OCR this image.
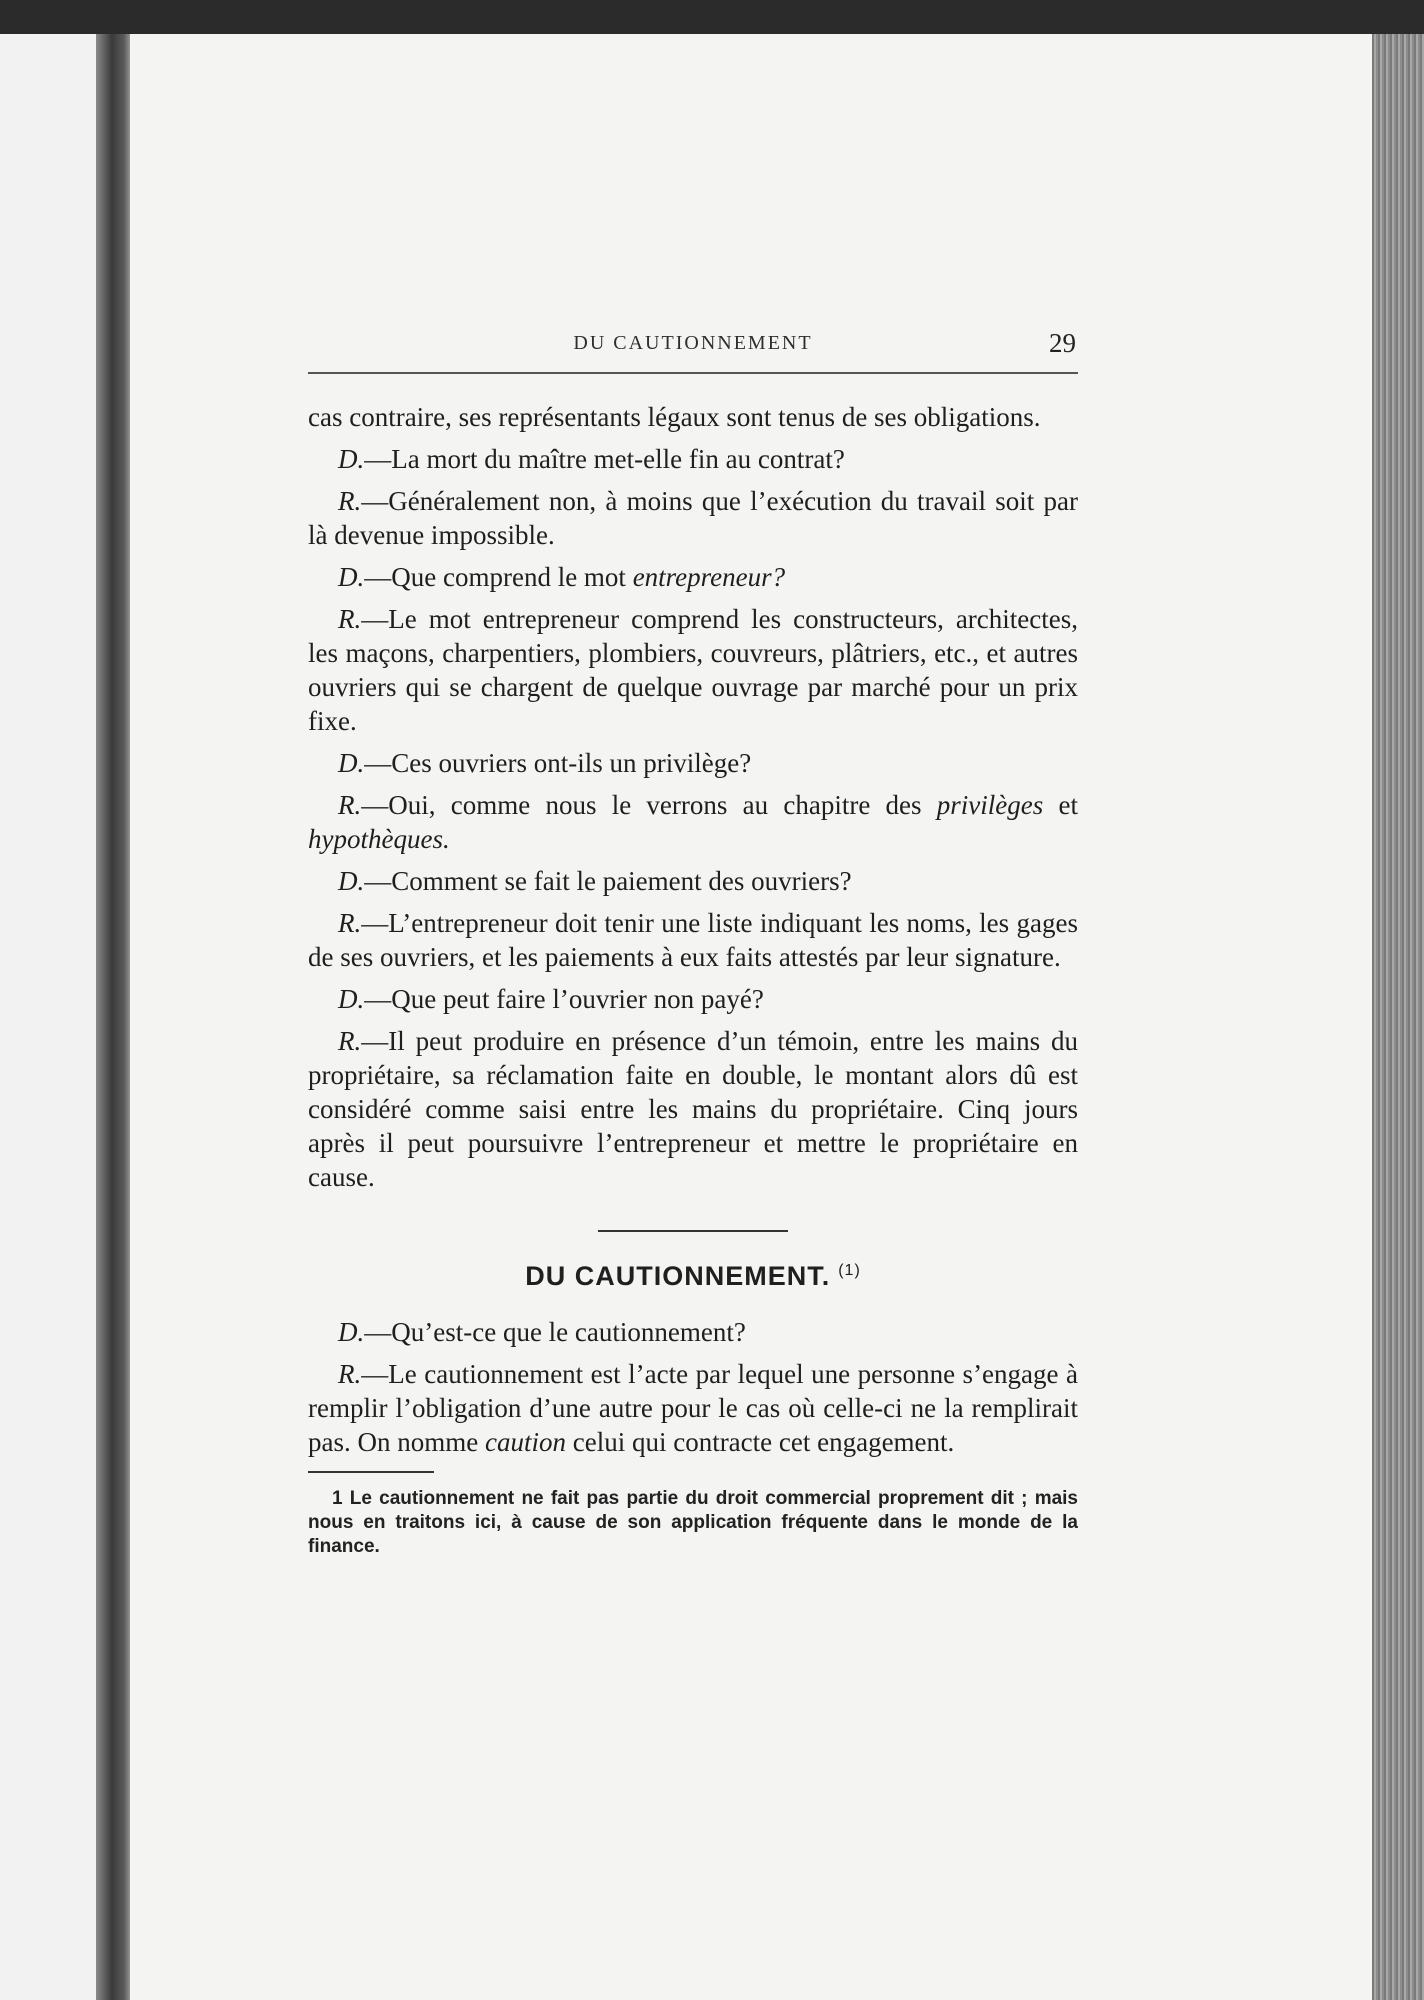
DU CAUTIONNEMENT	29

cas contraire, ses représentants légaux sont tenus de ses obligations.

D.—La mort du maître met-elle fin au contrat?

R.—Généralement non, à moins que l’exécution du travail soit par là devenue impossible.

D.—Que comprend le mot entrepreneur?

R.—Le mot entrepreneur comprend les constructeurs, architectes, les maçons, charpentiers, plombiers, couvreurs, plâtriers, etc., et autres ouvriers qui se chargent de quelque ouvrage par marché pour un prix fixe.

D.—Ces ouvriers ont-ils un privilège?

R.—Oui, comme nous le verrons au chapitre des privilèges et hypothèques.

D.—Comment se fait le paiement des ouvriers?

R.—L’entrepreneur doit tenir une liste indiquant les noms, les gages de ses ouvriers, et les paiements à eux faits attestés par leur signature.

D.—Que peut faire l’ouvrier non payé?

R.—Il peut produire en présence d’un témoin, entre les mains du propriétaire, sa réclamation faite en double, le montant alors dû est considéré comme saisi entre les mains du propriétaire. Cinq jours après il peut poursuivre l’entrepreneur et mettre le propriétaire en cause.

DU CAUTIONNEMENT. $^{(1)}$

D.—Qu’est-ce que le cautionnement?

R.—Le cautionnement est l’acte par lequel une personne s’engage à remplir l’obligation d’une autre pour le cas où celle-ci ne la remplirait pas. On nomme caution celui qui contracte cet engagement.

1 Le cautionnement ne fait pas partie du droit commercial proprement dit ; mais nous en traitons ici, à cause de son application fréquente dans le monde de la finance.
